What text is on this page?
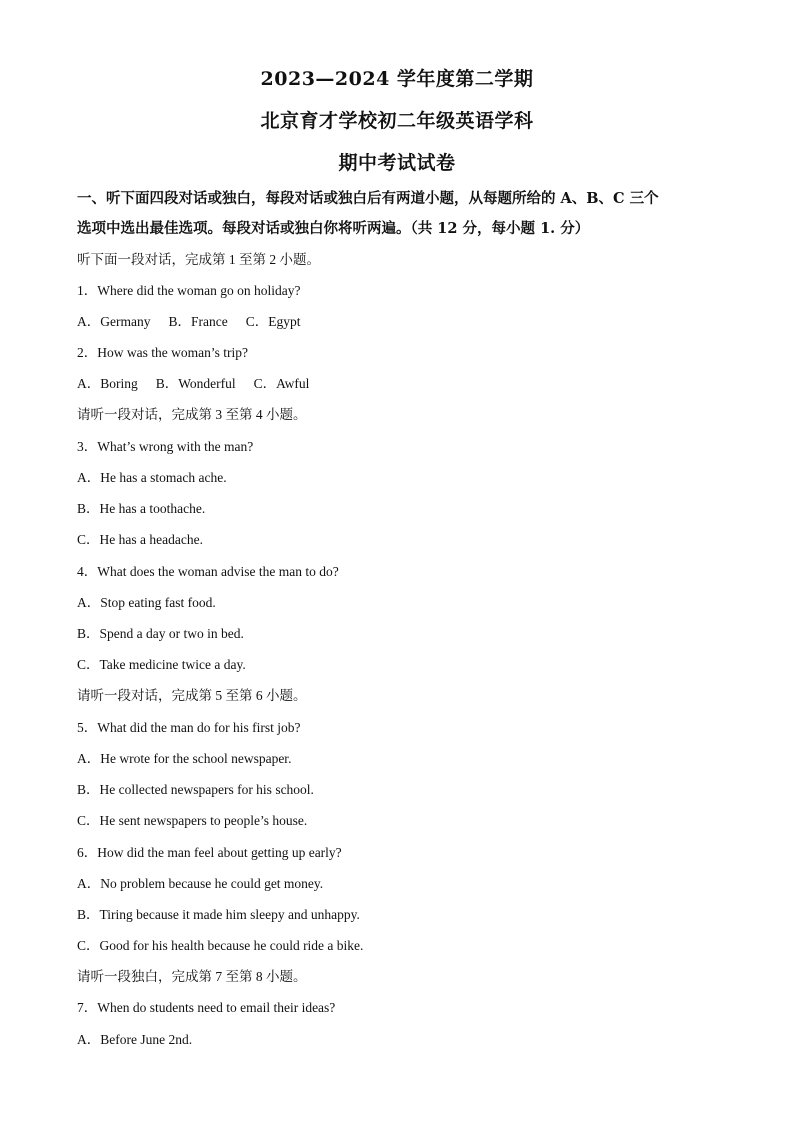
2023—2024 学年度第二学期
北京育才学校初二年级英语学科
期中考试试卷
一、听下面四段对话或独白，每段对话或独白后有两道小题，从每题所给的 A、B、C 三个
选项中选出最佳选项。每段对话或独白你将听两遍。（共 12 分，每小题 1. 分）
听下面一段对话，完成第 1 至第 2 小题。
1．Where did the woman go on holiday?
A．Germany B．France C．Egypt
2．How was the woman’s trip?
A．Boring B．Wonderful C．Awful
请听一段对话，完成第 3 至第 4 小题。
3．What’s wrong with the man?
A．He has a stomach ache.
B．He has a toothache.
C．He has a headache.
4．What does the woman advise the man to do?
A．Stop eating fast food.
B．Spend a day or two in bed.
C．Take medicine twice a day.
请听一段对话，完成第 5 至第 6 小题。
5．What did the man do for his first job?
A．He wrote for the school newspaper.
B．He collected newspapers for his school.
C．He sent newspapers to people’s house.
6．How did the man feel about getting up early?
A．No problem because he could get money.
B．Tiring because it made him sleepy and unhappy.
C．Good for his health because he could ride a bike.
请听一段独白，完成第 7 至第 8 小题。
7．When do students need to email their ideas?
A．Before June 2nd.
